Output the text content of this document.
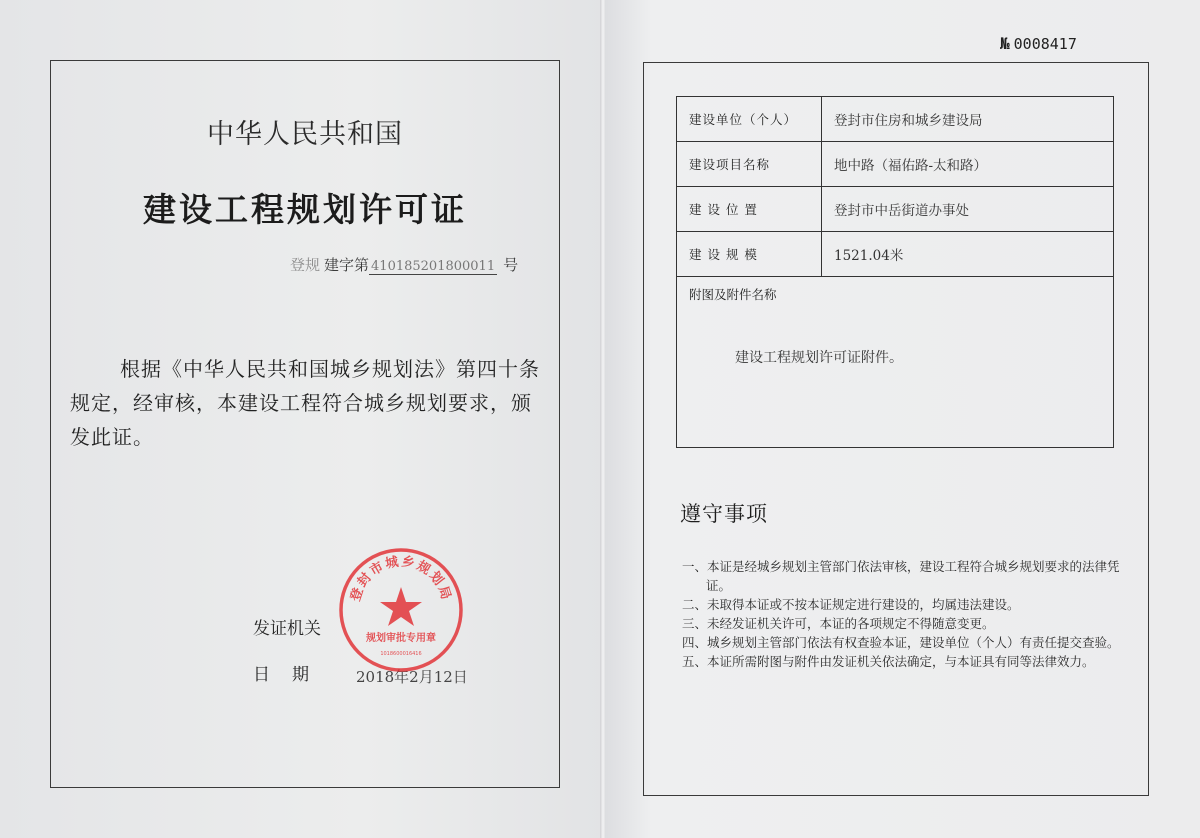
中华人民共和国
建设工程规划许可证
登规 建字第 410185201800011 号
根据《中华人民共和国城乡规划法》第四十条规定，经审核，本建设工程符合城乡规划要求，颁发此证。
发证机关
日期 2018年2月12日
登封市城乡规划局
规划审批专用章
1018600016416
№ 0008417
建设单位（个人）	登封市住房和城乡建设局
建设项目名称	地中路（福佑路-太和路）
建 设 位 置	登封市中岳街道办事处
建 设 规 模	1521.04米

附图及附件名称
建设工程规划许可证附件。	
遵守事项
一、本证是经城乡规划主管部门依法审核，建设工程符合城乡规划要求的法律凭证。
二、未取得本证或不按本证规定进行建设的，均属违法建设。
三、未经发证机关许可，本证的各项规定不得随意变更。
四、城乡规划主管部门依法有权查验本证，建设单位（个人）有责任提交查验。
五、本证所需附图与附件由发证机关依法确定，与本证具有同等法律效力。
